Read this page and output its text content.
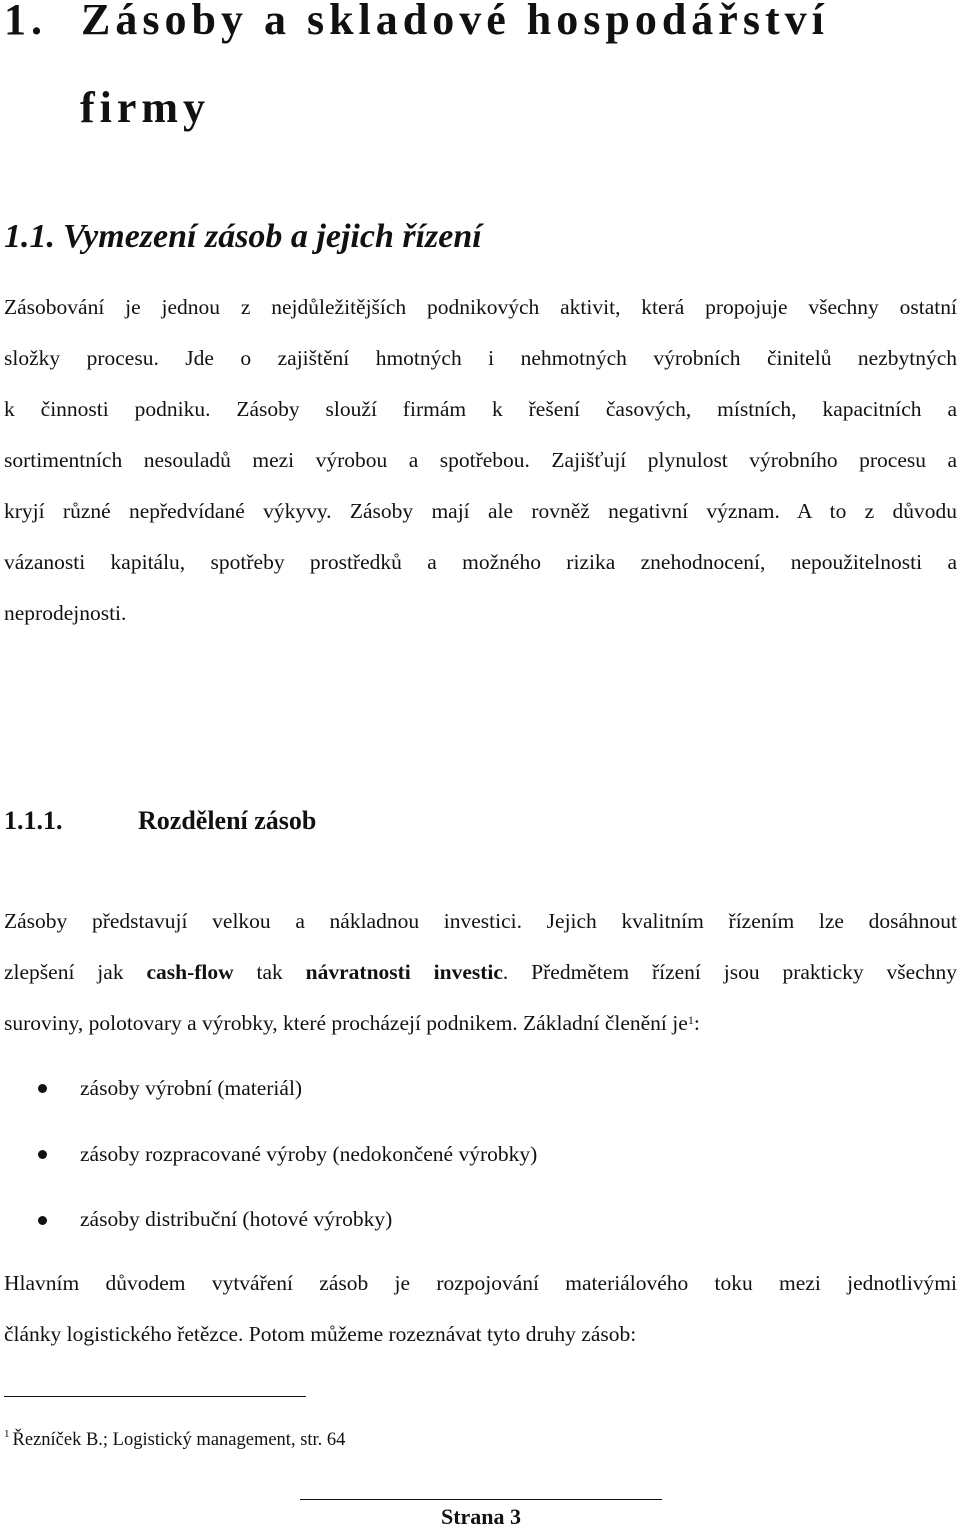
1. Zásoby a skladové hospodářství
firmy
1.1. Vymezení zásob a jejich řízení
Zásobování je jednou z nejdůležitějších podnikových aktivit, která propojuje všechny ostatní
složky procesu. Jde o zajištění hmotných i nehmotných výrobních činitelů nezbytných
k činnosti podniku. Zásoby slouží firmám k řešení časových, místních, kapacitních a
sortimentních nesouladů mezi výrobou a spotřebou. Zajišťují plynulost výrobního procesu a
kryjí různé nepředvídané výkyvy. Zásoby mají ale rovněž negativní význam. A to z důvodu
vázanosti kapitálu, spotřeby prostředků a možného rizika znehodnocení, nepoužitelnosti a
neprodejnosti.
1.1.1.	Rozdělení zásob
Zásoby představují velkou a nákladnou investici. Jejich kvalitním řízením lze dosáhnout
zlepšení jak cash-flow tak návratnosti investic. Předmětem řízení jsou prakticky všechny
suroviny, polotovary a výrobky, které procházejí podnikem. Základní členění je$^1$:
zásoby výrobní (materiál)
zásoby rozpracované výroby (nedokončené výrobky)
zásoby distribuční (hotové výrobky)
Hlavním důvodem vytváření zásob je rozpojování materiálového toku mezi jednotlivými
články logistického řetězce. Potom můžeme rozeznávat tyto druhy zásob:
$^1$ Řezníček B.; Logistický management, str. 64
Strana 3
